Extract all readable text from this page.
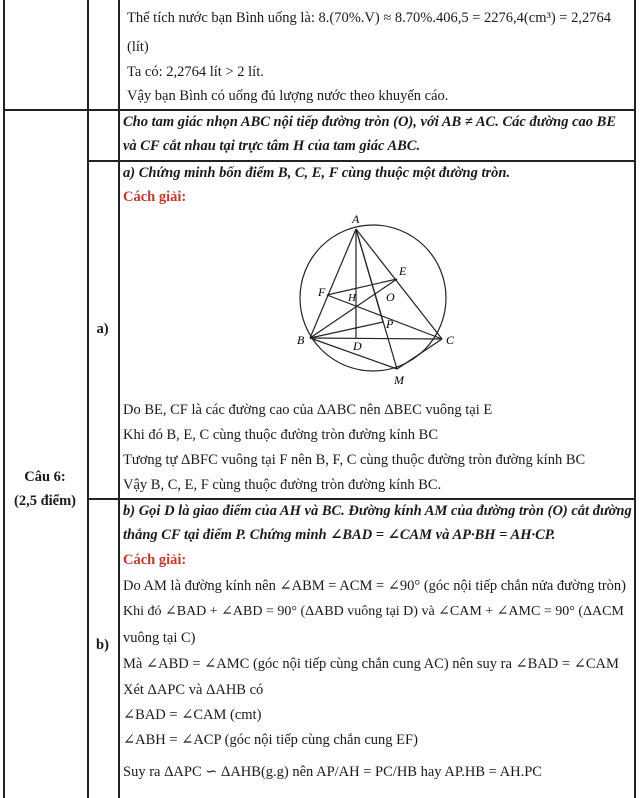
Thể tích nước bạn Bình uống là: 8.(70%.V) ≈ 8.70%.406,5 = 2276,4(cm³) = 2,2764
(lít)
Ta có: 2,2764 lít > 2 lít.
Vậy bạn Bình có uống đủ lượng nước theo khuyến cáo.
Câu 6:
(2,5 điểm)
Cho tam giác nhọn ABC nội tiếp đường tròn (O), với AB ≠ AC. Các đường cao BE
và CF cắt nhau tại trực tâm H của tam giác ABC.
a)
a) Chứng minh bốn điểm B, C, E, F cùng thuộc một đường tròn.
Cách giải:
A
B	C
D
E
F H	O
P
M
Do BE, CF là các đường cao của ΔABC nên ΔBEC vuông tại E
Khi đó B, E, C cùng thuộc đường tròn đường kính BC
Tương tự ΔBFC vuông tại F nên B, F, C cùng thuộc đường tròn đường kính BC
Vậy B, C, E, F cùng thuộc đường tròn đường kính BC.
b)
b) Gọi D là giao điểm của AH và BC. Đường kính AM của đường tròn (O) cắt đường
thẳng CF tại điểm P. Chứng minh ∠BAD = ∠CAM và AP·BH = AH·CP.
Cách giải:
Do AM là đường kính nên ∠ABM = ACM = ∠90° (góc nội tiếp chắn nửa đường tròn)
Khi đó ∠BAD + ∠ABD = 90° (ΔABD vuông tại D) và ∠CAM + ∠AMC = 90° (ΔACM
vuông tại C)
Mà ∠ABD = ∠AMC (góc nội tiếp cùng chắn cung AC) nên suy ra ∠BAD = ∠CAM
Xét ΔAPC và ΔAHB có
∠BAD = ∠CAM (cmt)
∠ABH = ∠ACP (góc nội tiếp cùng chắn cung EF)
Suy ra ΔAPC ∽ ΔAHB(g.g) nên AP/AH = PC/HB hay AP.HB = AH.PC
